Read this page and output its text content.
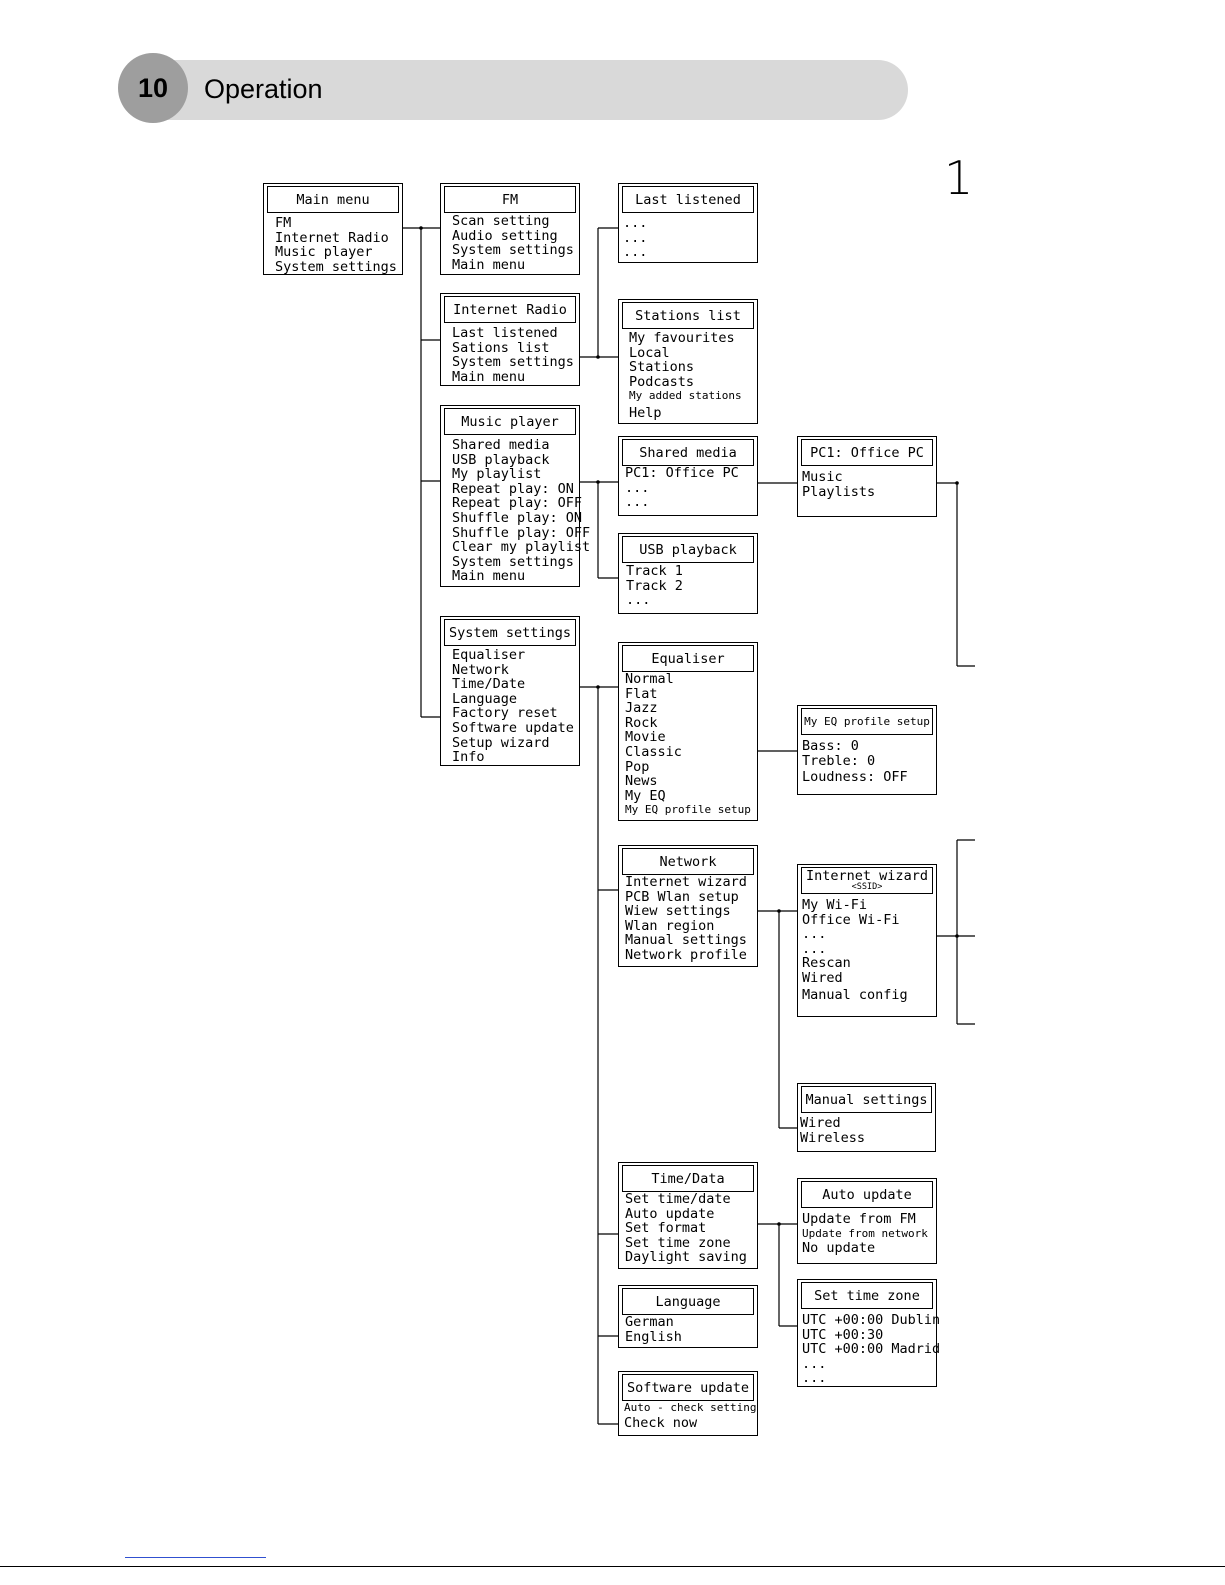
10	Operation
1
Main menu
FM
Internet Radio
Music player
System settings
FM
Scan setting
Audio setting
System settings
Main menu
Internet Radio
Last listened
Sations list
System settings
Main menu
Music player
Shared media
USB playback
My playlist
Repeat play: ON
Repeat play: OFF
Shuffle play: ON
Shuffle play: OFF
Clear my playlist
System settings
Main menu
System settings
Equaliser
Network
Time/Date
Language
Factory reset
Software update
Setup wizard
Info
Last listened
...
...
...
Stations list
My favourites
Local
Stations
Podcasts
My added stations
Help
Shared media
PC1: Office PC
...
...
USB playback
Track 1
Track 2
...
Equaliser
Normal
Flat
Jazz
Rock
Movie
Classic
Pop
News
My EQ
My EQ profile setup
Network
Internet wizard
PCB Wlan setup
Wiew settings
Wlan region
Manual settings
Network profile
Time/Data
Set time/date
Auto update
Set format
Set time zone
Daylight saving
Language
German
English
Software update
Auto - check setting
Check now
PC1: Office PC
Music
Playlists
My EQ profile setup
Bass: 0
Treble: 0
Loudness: OFF
Internet wizard
<SSID>
My Wi-Fi
Office Wi-Fi
...
...
Rescan
Wired
Manual config
Manual settings
Wired
Wireless
Auto update
Update from FM
Update from network
No update
Set time zone
UTC +00:00 Dublin
UTC +00:30
UTC +00:00 Madrid
...
...
